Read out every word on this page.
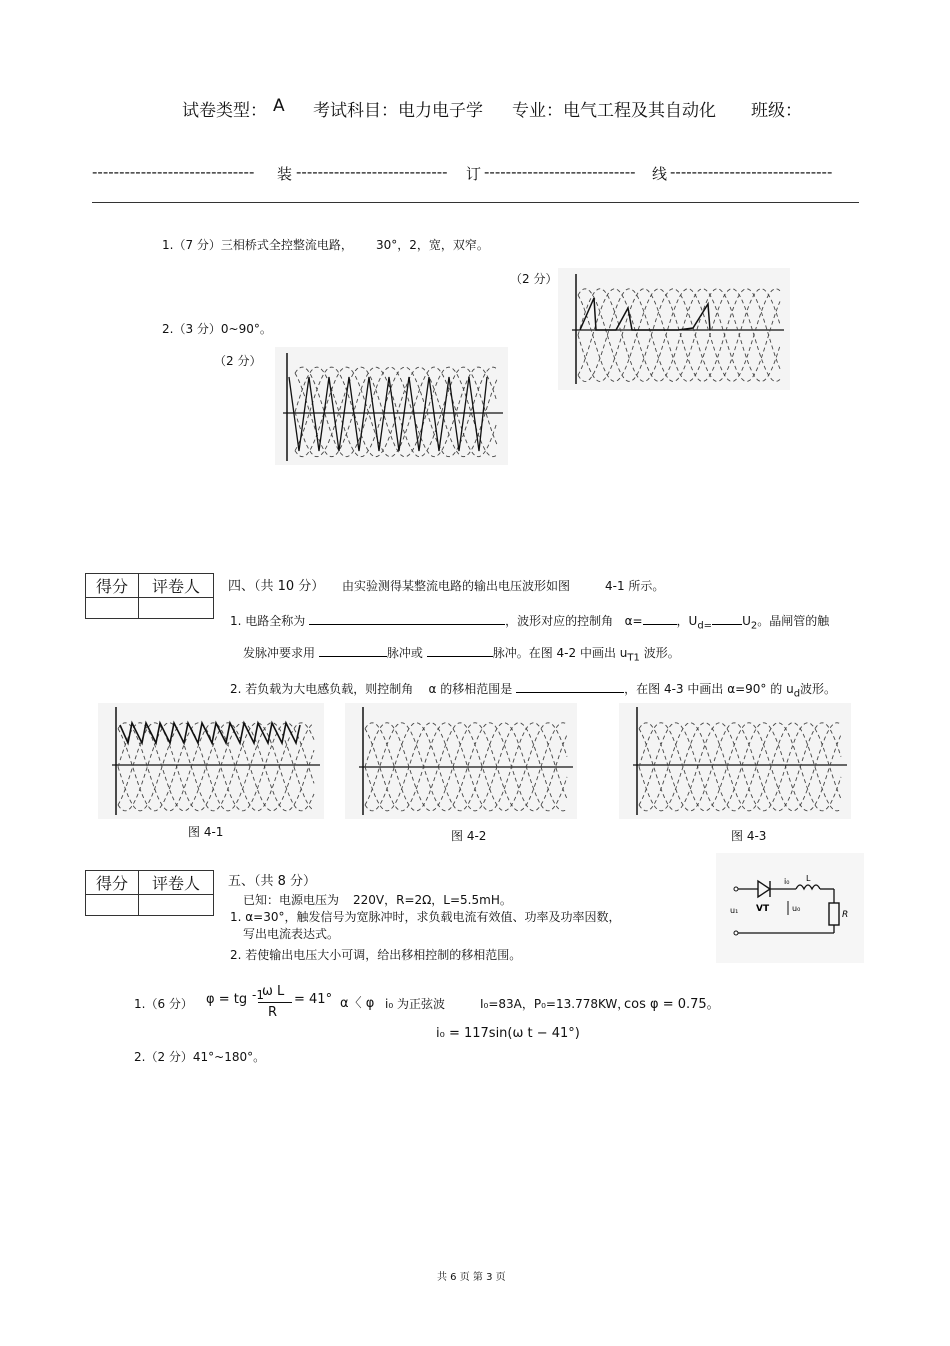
试卷类型： A 考试科目：电力电子学 专业：电气工程及其自动化 班级：
------------------------------ 装 ---------------------------- 订 ---------------------------- 线 ------------------------------
1.（7 分）三相桥式全控整流电路， 30°，2，宽，双窄。
（2 分）
2.（3 分）0~90°。
（2 分）
得分	评卷人
	四、（共 10 分） 由实验测得某整流电路的输出电压波形如图	4-1 所示。
1. 电路全称为	，波形对应的控制角 α=	，$U_{d=}$	$U_2$。晶闸管的触
发脉冲要求用	脉冲或	脉冲。在图 4-2 中画出 $u_{T1}$ 波形。
2. 若负载为大电感负载，则控制角 α 的移相范围是	，在图 4-3 中画出 α=90° 的 $u_d$波形。
图 4-1	图 4-2	图 4-3
得分	评卷人
	五、（共 8 分）
已知：电源电压为 220V，R=2Ω，L=5.5mH。
1. α=30°，触发信号为宽脉冲时，求负载电流有效值、功率及功率因数，
写出电流表达式。
2. 若使输出电压大小可调，给出移相控制的移相范围。
i₀ L
u₁ VT	u₀
R
1.（6 分） φ = tg -1
ω L
R
= 41° α〈 φ i₀ 为正弦波	I₀=83A，P₀=13.778KW，
cos φ = 0.75。
i₀ = 117sin(ω t − 41°)
2.（2 分）41°~180°。
共 6 页 第 3 页
